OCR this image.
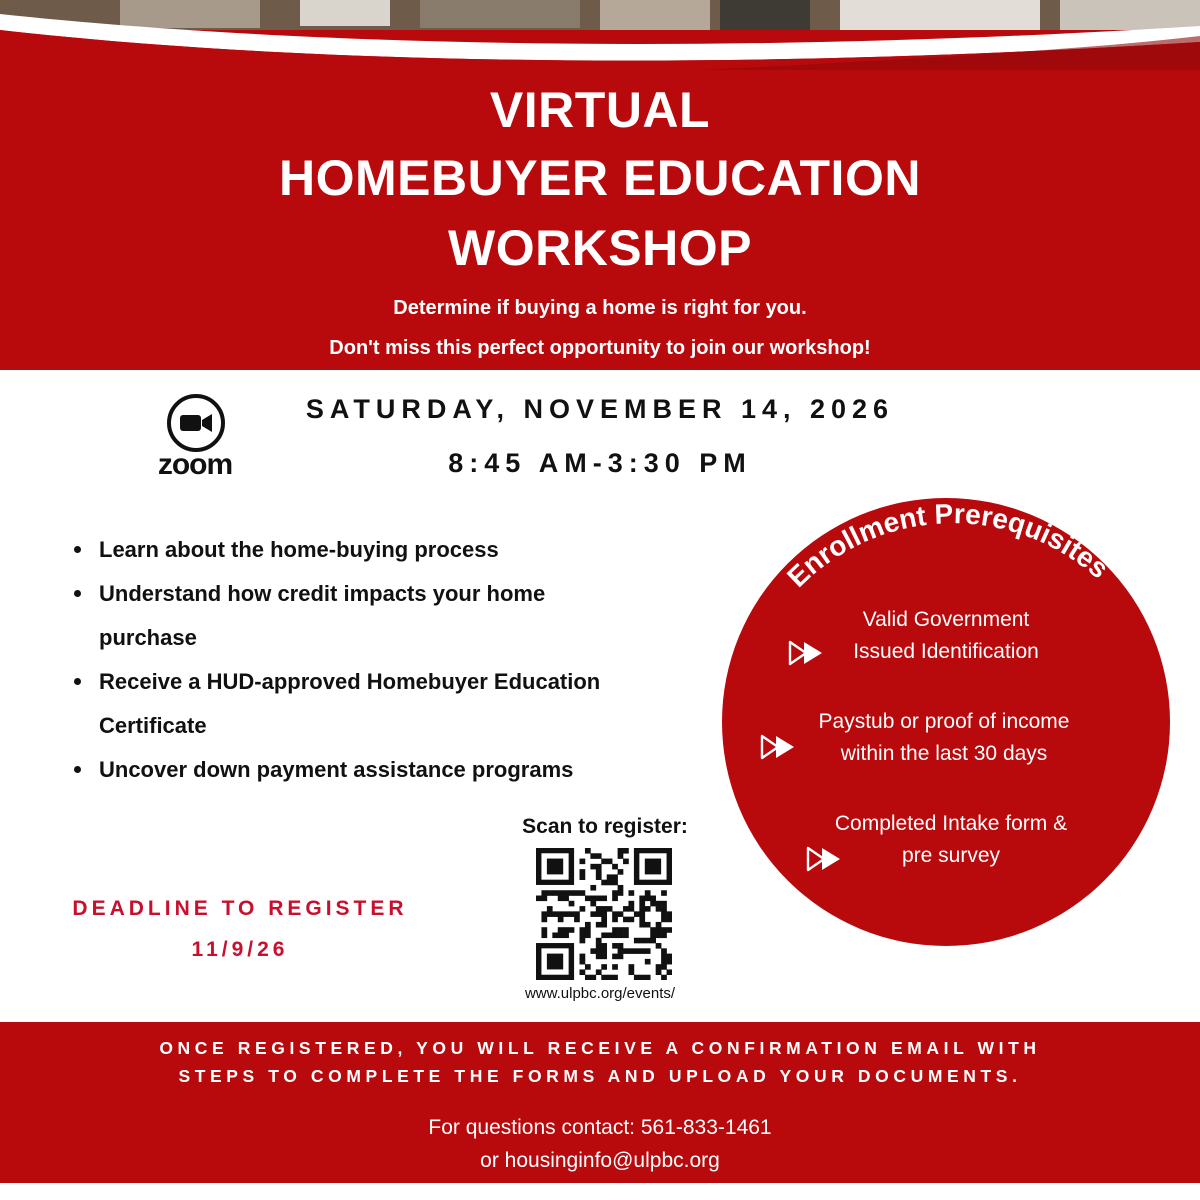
VIRTUAL
HOMEBUYER EDUCATION
WORKSHOP
Determine if buying a home is right for you.
Don't miss this perfect opportunity to join our workshop!
zoom
SATURDAY, NOVEMBER 14, 2026
8:45 AM-3:30 PM
Learn about the home-buying process
Understand how credit impacts your home
purchase
Receive a HUD-approved Homebuyer Education
Certificate
Uncover down payment assistance programs
DEADLINE TO REGISTER
11/9/26
Scan to register:
www.ulpbc.org/events/
Enrollment Prerequisites
Valid Government
Issued Identification
Paystub or proof of income
within the last 30 days
Completed Intake form &
pre survey
ONCE REGISTERED, YOU WILL RECEIVE A CONFIRMATION EMAIL WITH
STEPS TO COMPLETE THE FORMS AND UPLOAD YOUR DOCUMENTS.
For questions contact: 561-833-1461
or housinginfo@ulpbc.org
